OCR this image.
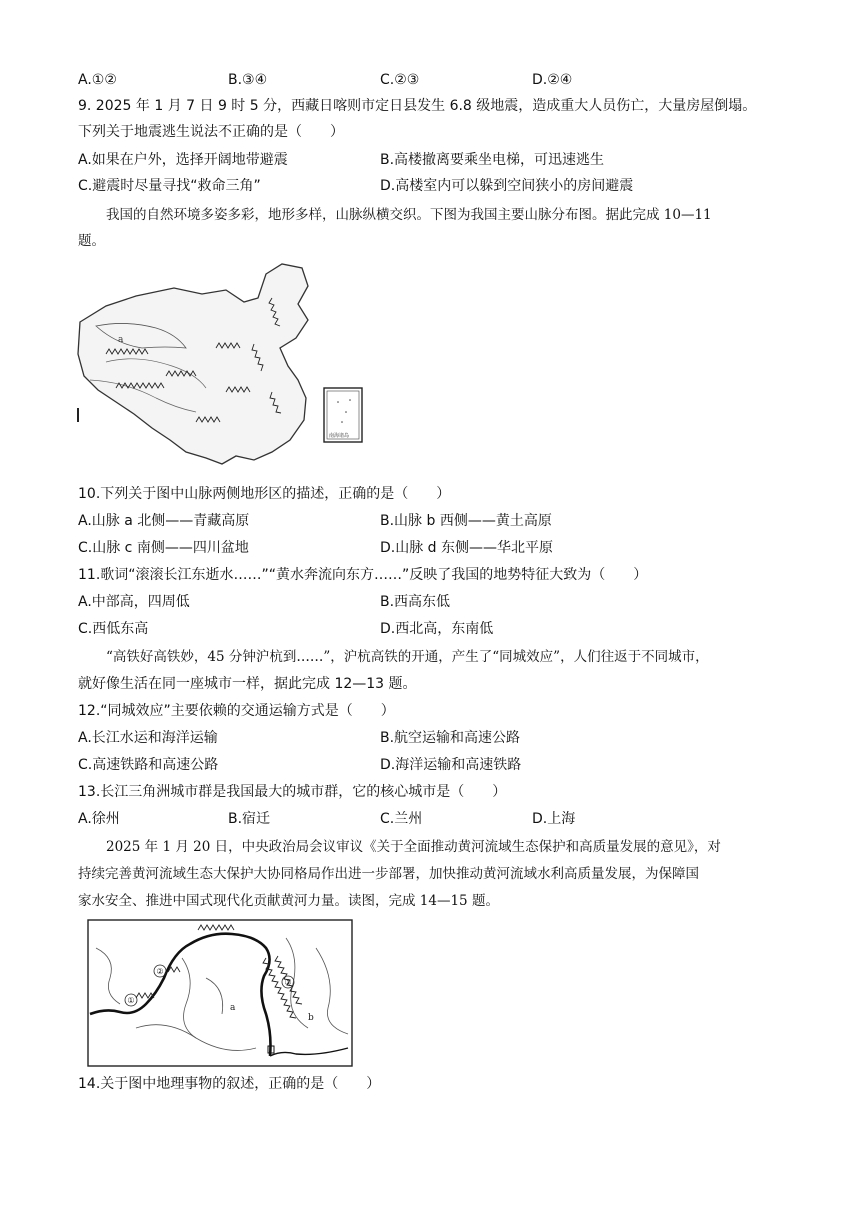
A.①②	B.③④	C.②③	D.②④
9. 2025 年 1 月 7 日 9 时 5 分，西藏日喀则市定日县发生 6.8 级地震，造成重大人员伤亡，大量房屋倒塌。
下列关于地震逃生说法不正确的是（　　）
A.如果在户外，选择开阔地带避震	B.高楼撤离要乘坐电梯，可迅速逃生
C.避震时尽量寻找“救命三角”	D.高楼室内可以躲到空间狭小的房间避震
我国的自然环境多姿多彩，地形多样，山脉纵横交织。下图为我国主要山脉分布图。据此完成 10—11
题。
a
南海诸岛
10.下列关于图中山脉两侧地形区的描述，正确的是（　　）
A.山脉 a 北侧——青藏高原	B.山脉 b 西侧——黄土高原
C.山脉 c 南侧——四川盆地	D.山脉 d 东侧——华北平原
11.歌词“滚滚长江东逝水……”“黄水奔流向东方……”反映了我国的地势特征大致为（　　）
A.中部高，四周低	B.西高东低
C.西低东高	D.西北高，东南低
“高铁好高铁妙，45 分钟沪杭到……”，沪杭高铁的开通，产生了“同城效应”，人们往返于不同城市，
就好像生活在同一座城市一样，据此完成 12—13 题。
12.“同城效应”主要依赖的交通运输方式是（　　）
A.长江水运和海洋运输	B.航空运输和高速公路
C.高速铁路和高速公路	D.海洋运输和高速铁路
13.长江三角洲城市群是我国最大的城市群，它的核心城市是（　　）
A.徐州	B.宿迁	C.兰州	D.上海
2025 年 1 月 20 日，中央政治局会议审议《关于全面推动黄河流域生态保护和高质量发展的意见》，对
持续完善黄河流域生态大保护大协同格局作出进一步部署，加快推动黄河流域水利高质量发展，为保障国
家水安全、推进中国式现代化贡献黄河力量。读图，完成 14—15 题。
①
②
③
a
b
14.关于图中地理事物的叙述，正确的是（　　）
